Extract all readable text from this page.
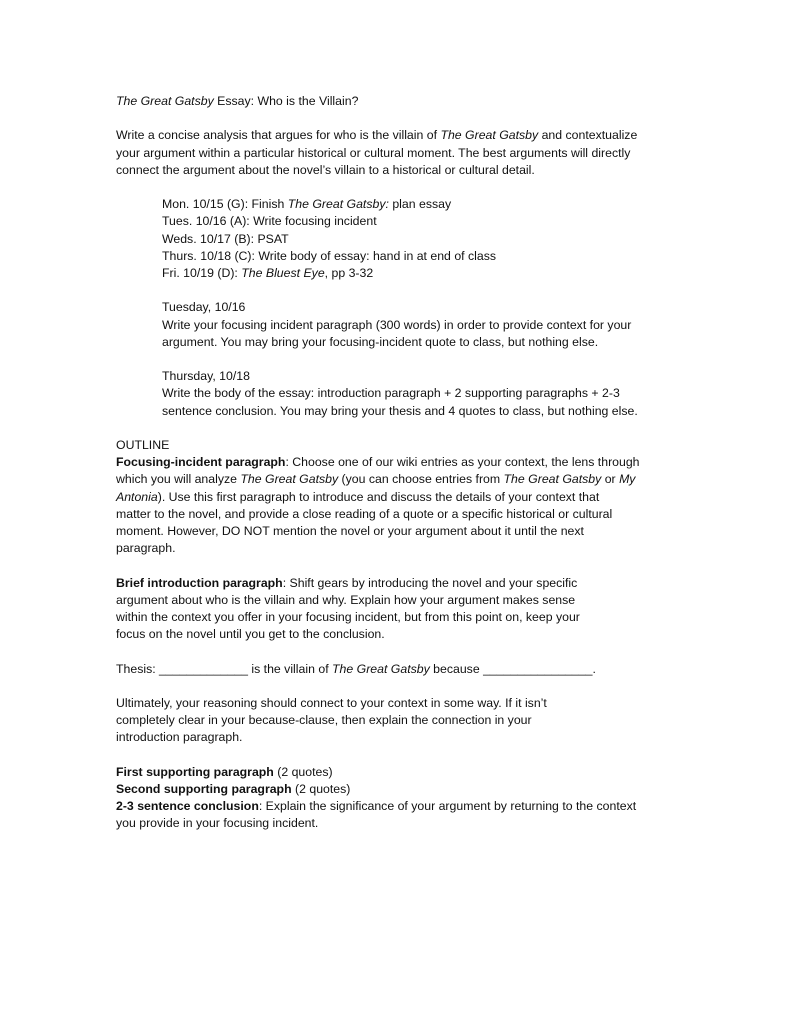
The Great Gatsby Essay: Who is the Villain?
Write a concise analysis that argues for who is the villain of The Great Gatsby and contextualize
your argument within a particular historical or cultural moment. The best arguments will directly
connect the argument about the novel’s villain to a historical or cultural detail.
Mon. 10/15 (G): Finish The Great Gatsby: plan essay
Tues. 10/16 (A): Write focusing incident
Weds. 10/17 (B): PSAT
Thurs. 10/18 (C): Write body of essay: hand in at end of class
Fri. 10/19 (D): The Bluest Eye, pp 3-32
Tuesday, 10/16
Write your focusing incident paragraph (300 words) in order to provide context for your
argument. You may bring your focusing-incident quote to class, but nothing else.
Thursday, 10/18
Write the body of the essay: introduction paragraph + 2 supporting paragraphs + 2-3
sentence conclusion. You may bring your thesis and 4 quotes to class, but nothing else.
OUTLINE
Focusing-incident paragraph: Choose one of our wiki entries as your context, the lens through
which you will analyze The Great Gatsby (you can choose entries from The Great Gatsby or My
Antonia). Use this first paragraph to introduce and discuss the details of your context that
matter to the novel, and provide a close reading of a quote or a specific historical or cultural
moment. However, DO NOT mention the novel or your argument about it until the next
paragraph.
Brief introduction paragraph: Shift gears by introducing the novel and your specific
argument about who is the villain and why. Explain how your argument makes sense
within the context you offer in your focusing incident, but from this point on, keep your
focus on the novel until you get to the conclusion.
Thesis: _____________ is the villain of The Great Gatsby because ________________.
Ultimately, your reasoning should connect to your context in some way. If it isn’t
completely clear in your because-clause, then explain the connection in your
introduction paragraph.
First supporting paragraph (2 quotes)
Second supporting paragraph (2 quotes)
2-3 sentence conclusion: Explain the significance of your argument by returning to the context
you provide in your focusing incident.
